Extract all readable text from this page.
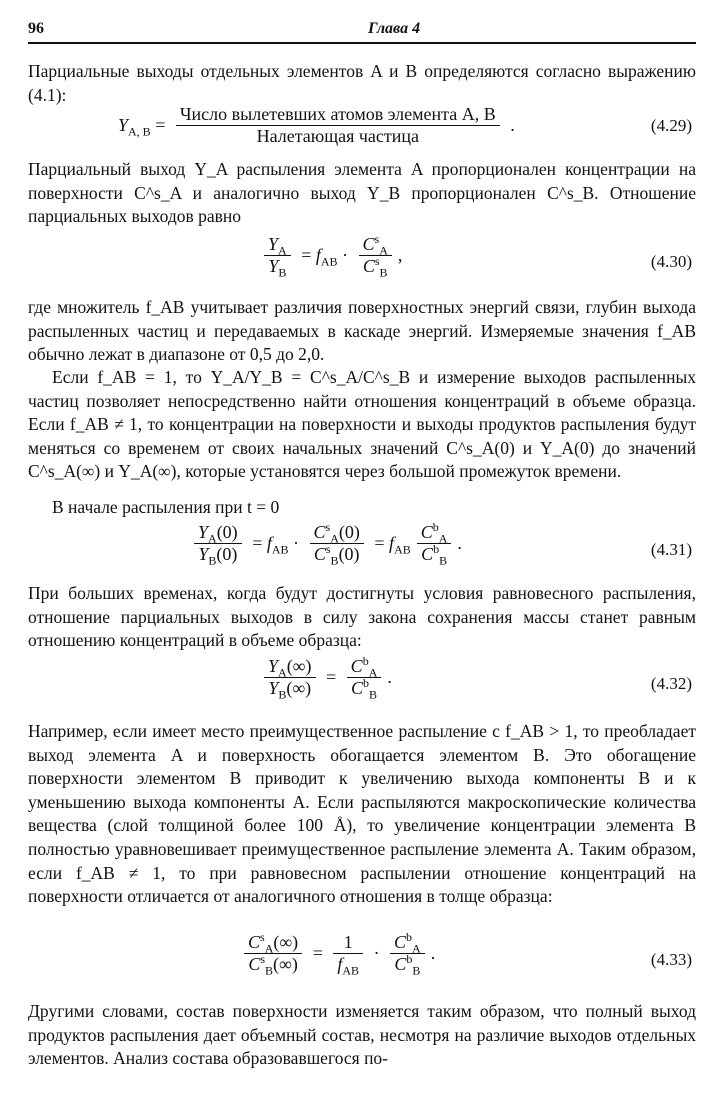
96	Глава 4

Парциальные выходы отдельных элементов A и B определяются согласно выражению (4.1):

$Y_{A, B} = \frac{\text{Число вылетевших атомов элемента A, B}}{\text{Налетающая частица}}$ .	(4.29)

Парциальный выход Y_A распыления элемента A пропорционален концентрации на поверхности C^s_A и аналогично выход Y_B пропорционален C^s_B. Отношение парциальных выходов равно

$\frac{Y_A}{Y_B} = f_{AB} \cdot \frac{C^s_A}{C^s_B}$ ,	(4.30)

где множитель f_AB учитывает различия поверхностных энергий связи, глубин выхода распыленных частиц и передаваемых в каскаде энергий. Измеряемые значения f_AB обычно лежат в диапазоне от 0,5 до 2,0.

Если f_AB = 1, то Y_A/Y_B = C^s_A/C^s_B и измерение выходов распыленных частиц позволяет непосредственно найти отношения концентраций в объеме образца. Если f_AB ≠ 1, то концентрации на поверхности и выходы продуктов распыления будут меняться со временем от своих начальных значений C^s_A(0) и Y_A(0) до значений C^s_A(∞) и Y_A(∞), которые установятся через большой промежуток времени.

В начале распыления при t = 0

$\frac{Y_A(0)}{Y_B(0)} = f_{AB} \cdot \frac{C^s_A(0)}{C^s_B(0)} = f_{AB} \frac{C^b_A}{C^b_B}$ .	(4.31)

При больших временах, когда будут достигнуты условия равновесного распыления, отношение парциальных выходов в силу закона сохранения массы станет равным отношению концентраций в объеме образца:

$\frac{Y_A(\infty)}{Y_B(\infty)} = \frac{C^b_A}{C^b_B}$ .	(4.32)

Например, если имеет место преимущественное распыление с f_AB > 1, то преобладает выход элемента A и поверхность обогащается элементом B. Это обогащение поверхности элементом B приводит к увеличению выхода компоненты B и к уменьшению выхода компоненты A. Если распыляются макроскопические количества вещества (слой толщиной более 100 Å), то увеличение концентрации элемента B полностью уравновешивает преимущественное распыление элемента A. Таким образом, если f_AB ≠ 1, то при равновесном распылении отношение концентраций на поверхности отличается от аналогичного отношения в толще образца:

$\frac{C^s_A(\infty)}{C^s_B(\infty)} = \frac{1}{f_{AB}} \cdot \frac{C^b_A}{C^b_B}$ .	(4.33)

Другими словами, состав поверхности изменяется таким образом, что полный выход продуктов распыления дает объемный состав, несмотря на различие выходов отдельных элементов. Анализ состава образовавшегося по-
